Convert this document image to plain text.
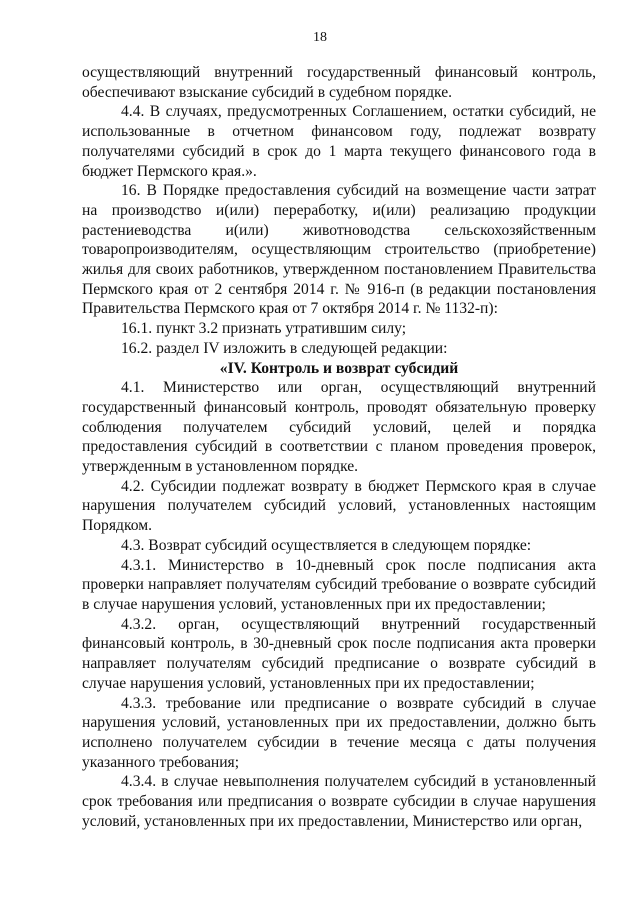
18

осуществляющий внутренний государственный финансовый контроль, обеспечивают взыскание субсидий в судебном порядке.

4.4. В случаях, предусмотренных Соглашением, остатки субсидий, не использованные в отчетном финансовом году, подлежат возврату получателями субсидий в срок до 1 марта текущего финансового года в бюджет Пермского края.».

16. В Порядке предоставления субсидий на возмещение части затрат на производство и(или) переработку, и(или) реализацию продукции растениеводства и(или) животноводства сельскохозяйственным товаропроизводителям, осуществляющим строительство (приобретение) жилья для своих работников, утвержденном постановлением Правительства Пермского края от 2 сентября 2014 г. № 916-п (в редакции постановления Правительства Пермского края от 7 октября 2014 г. № 1132-п):

16.1. пункт 3.2 признать утратившим силу;

16.2. раздел IV изложить в следующей редакции:

«IV. Контроль и возврат субсидий

4.1. Министерство или орган, осуществляющий внутренний государственный финансовый контроль, проводят обязательную проверку соблюдения получателем субсидий условий, целей и порядка предоставления субсидий в соответствии с планом проведения проверок, утвержденным в установленном порядке.

4.2. Субсидии подлежат возврату в бюджет Пермского края в случае нарушения получателем субсидий условий, установленных настоящим Порядком.

4.3. Возврат субсидий осуществляется в следующем порядке:

4.3.1. Министерство в 10-дневный срок после подписания акта проверки направляет получателям субсидий требование о возврате субсидий в случае нарушения условий, установленных при их предоставлении;

4.3.2. орган, осуществляющий внутренний государственный финансовый контроль, в 30-дневный срок после подписания акта проверки направляет получателям субсидий предписание о возврате субсидий в случае нарушения условий, установленных при их предоставлении;

4.3.3. требование или предписание о возврате субсидий в случае нарушения условий, установленных при их предоставлении, должно быть исполнено получателем субсидии в течение месяца с даты получения указанного требования;

4.3.4. в случае невыполнения получателем субсидий в установленный срок требования или предписания о возврате субсидии в случае нарушения условий, установленных при их предоставлении, Министерство или орган,
